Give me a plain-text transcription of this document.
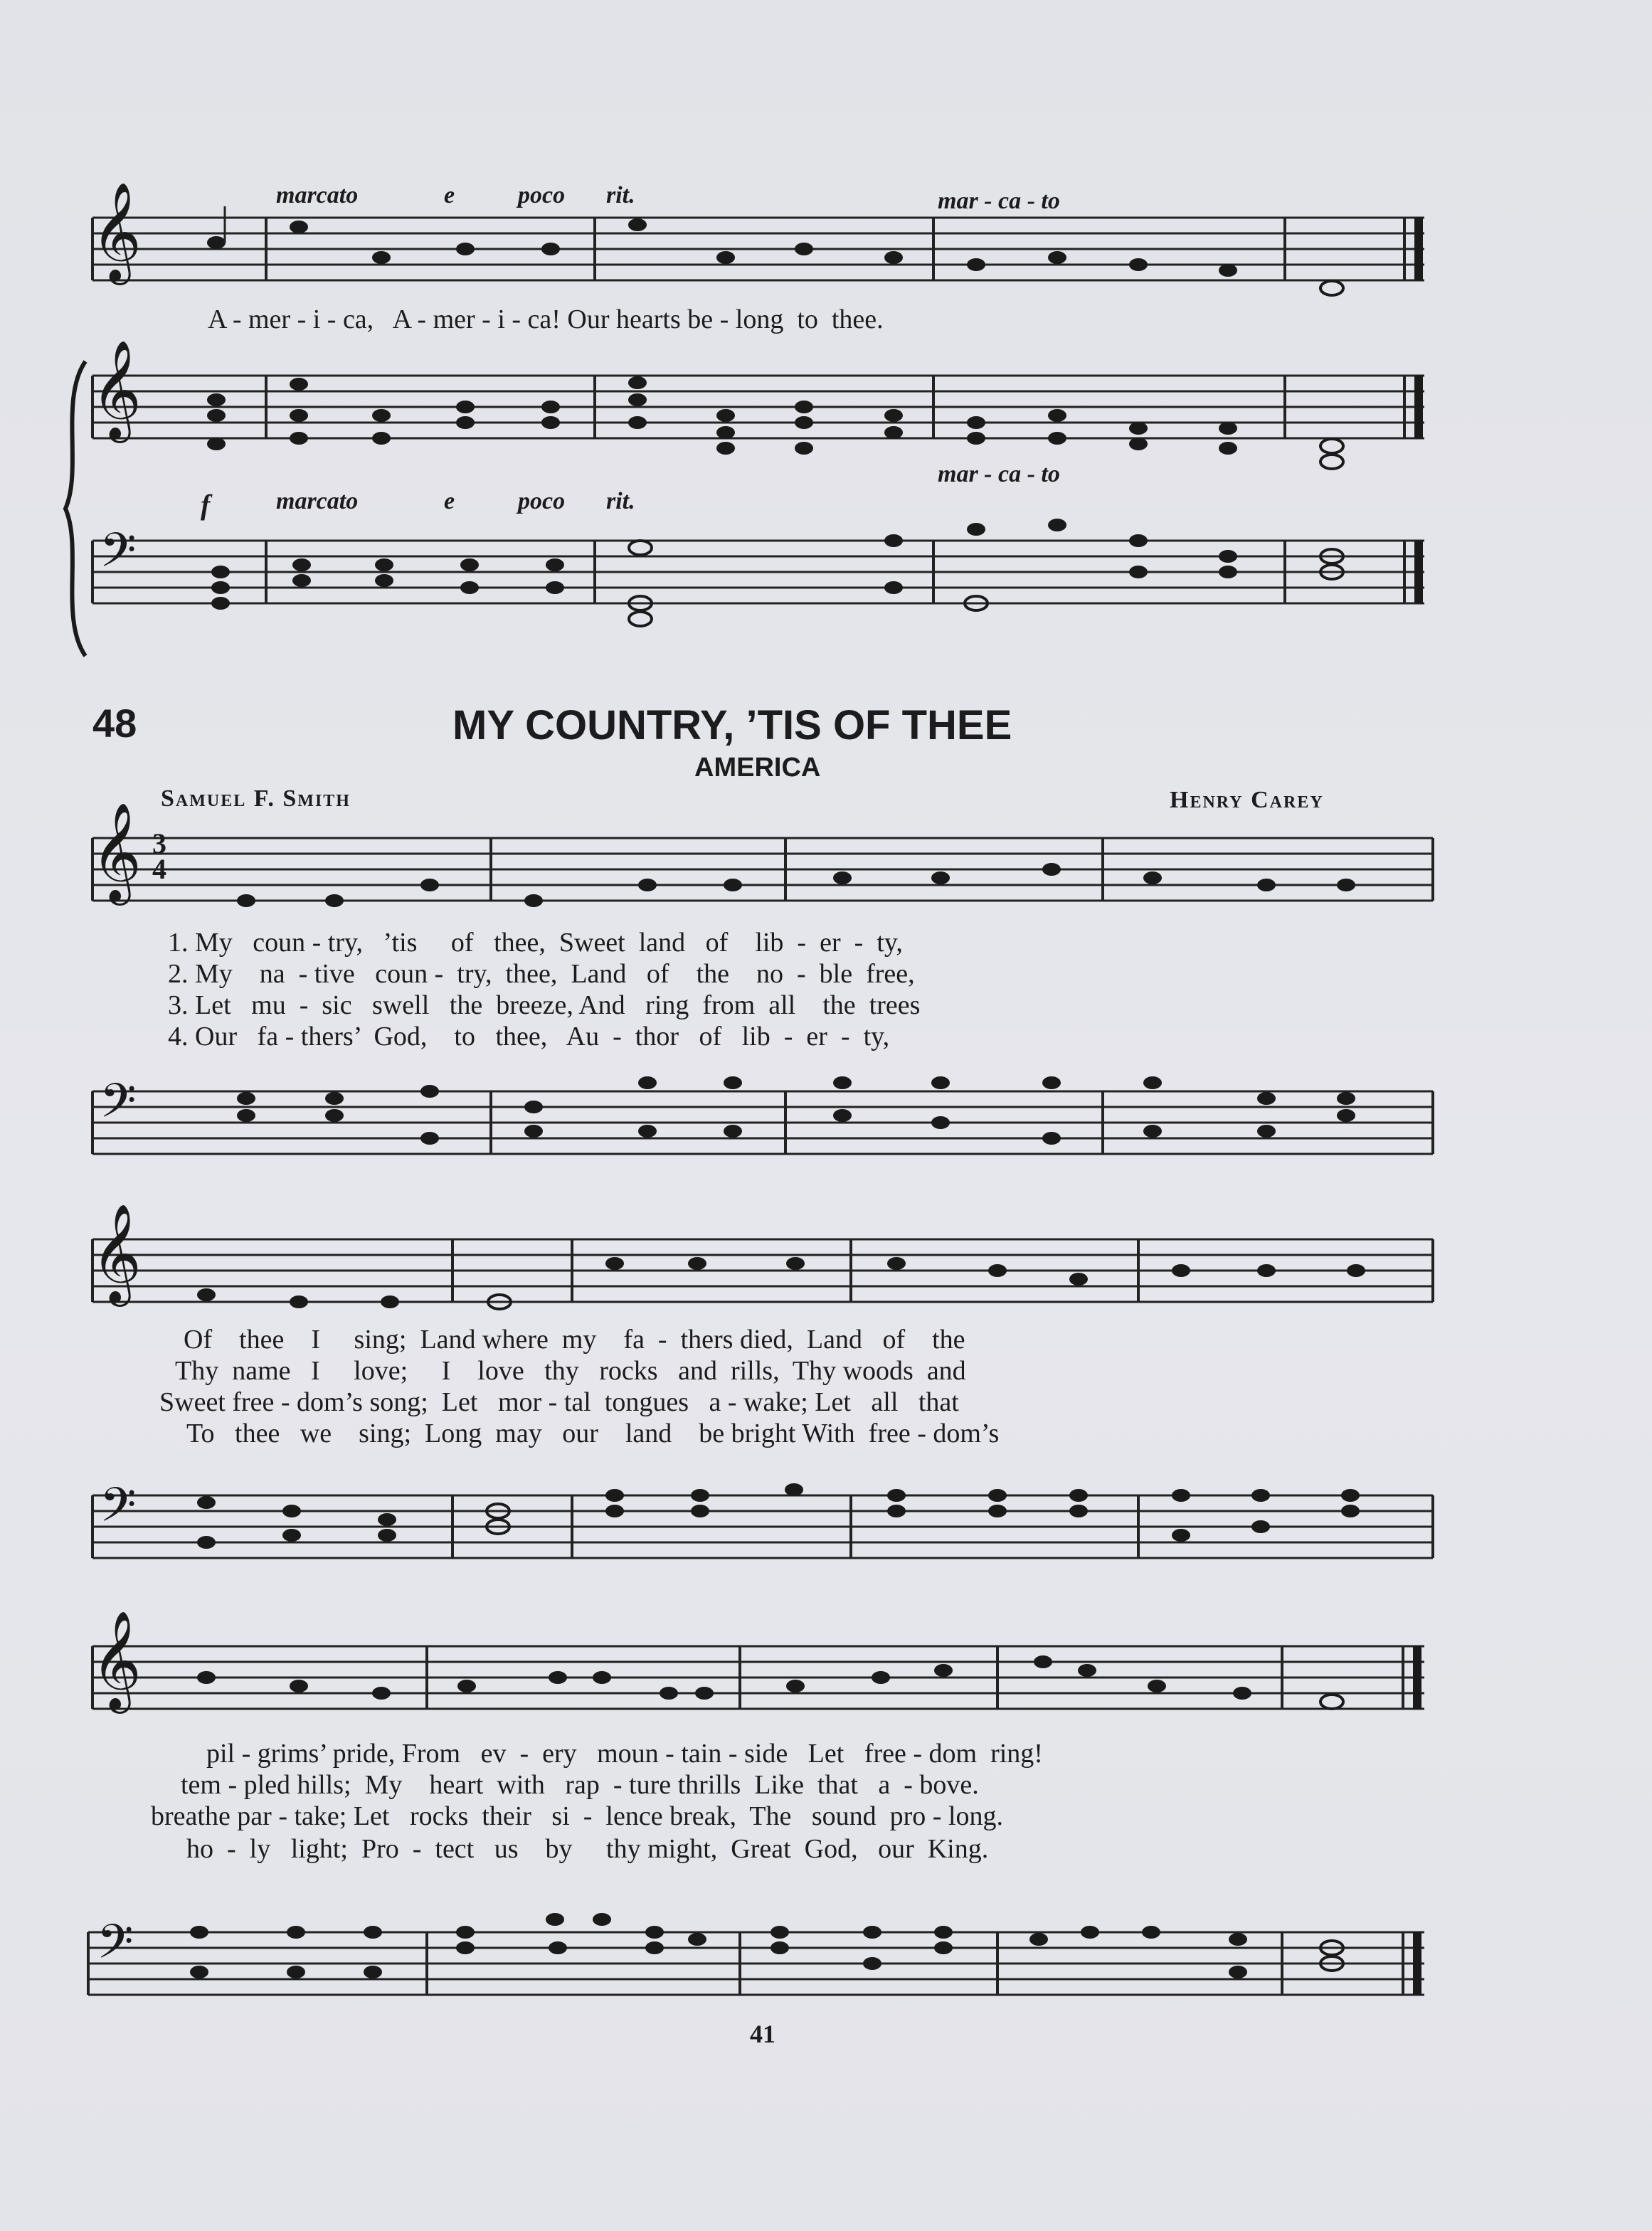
marcato	e	poco rit.	mar - ca - to
A - mer - i - ca,   A - mer - i - ca! Our hearts be - long  to  thee.
mar - ca - to
f	marcato	e	poco rit.
𝄞
𝄞
𝄢
48	MY COUNTRY, ’TIS OF THEE
AMERICA
Samuel F. Smith	Henry Carey
𝄞 3
4
1. My   coun - try,   ’tis     of   thee,  Sweet  land   of    lib  -  er  -  ty,
2. My    na  - tive   coun -  try,  thee,  Land   of    the    no  -  ble  free,
3. Let   mu  -  sic   swell   the  breeze, And   ring  from  all    the  trees
4. Our   fa - thers’  God,    to   thee,   Au  -  thor   of   lib  -  er  -  ty,
𝄢
𝄞
Of    thee    I     sing;  Land where  my    fa  -  thers died,  Land   of    the
Thy  name   I     love;     I    love   thy   rocks   and  rills,  Thy woods  and
Sweet free - dom’s song;  Let   mor - tal  tongues   a - wake; Let   all   that
To   thee   we    sing;  Long  may   our    land    be bright With  free - dom’s
𝄢
𝄞
pil - grims’ pride, From   ev  -  ery   moun - tain - side   Let   free - dom  ring!
tem - pled hills;  My    heart  with   rap  - ture thrills  Like  that   a  - bove.
breathe par - take; Let   rocks  their   si  -  lence break,  The   sound  pro - long.
ho  -  ly   light;  Pro  -  tect   us    by     thy might,  Great  God,   our  King.
𝄢
41
